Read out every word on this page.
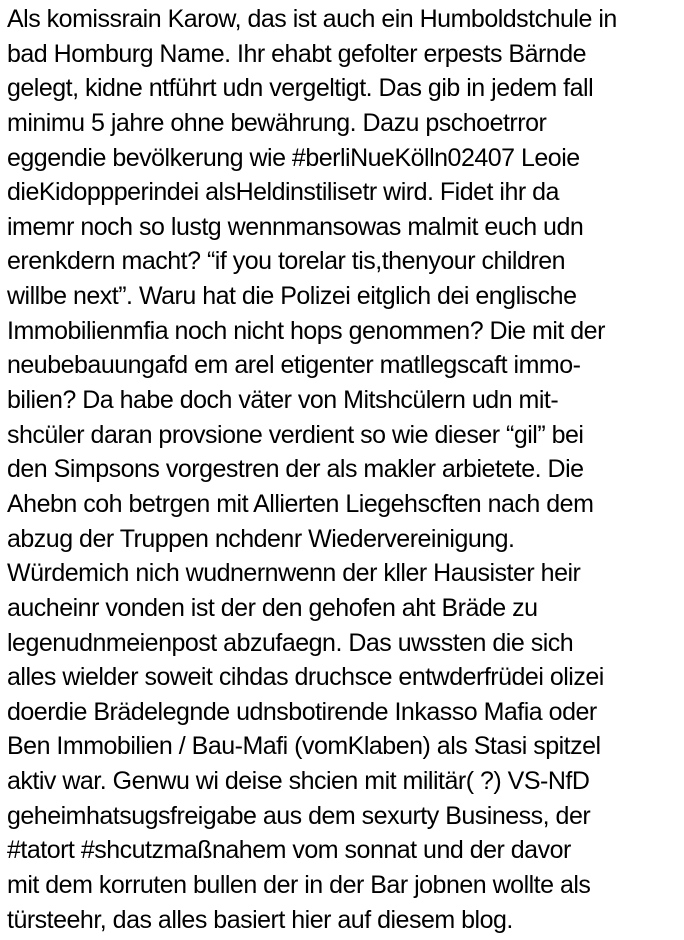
Als komissrain Karow, das ist auch ein Humboldstchule in
bad Homburg Name. Ihr ehabt gefolter erpests Bärnde
gelegt, kidne ntführt udn vergeltigt. Das gib in jedem fall
minimu 5 jahre ohne bewährung. Dazu pschoetrror
eggendie bevölkerung wie #berliNueKölln02407 Leoie
dieKidoppperindei alsHeldinstilisetr wird. Fidet ihr da
imemr noch so lustg wennmansowas malmit euch udn
erenkdern macht? “if you torelar tis,thenyour children
willbe next”. Waru hat die Polizei eitglich dei englische
Immobilienmfia noch nicht hops genommen? Die mit der
neubebauungafd em arel etigenter matllegscaft immo-
bilien? Da habe doch väter von Mitshcülern udn mit-
shcüler daran provsione verdient so wie dieser “gil” bei
den Simpsons vorgestren der als makler arbietete. Die
Ahebn coh betrgen mit Allierten Liegehscften nach dem
abzug der Truppen nchdenr Wiedervereinigung.
Würdemich nich wudnernwenn der kller Hausister heir
aucheinr vonden ist der den gehofen aht Bräde zu
legenudnmeienpost abzufaegn. Das uwssten die sich
alles wielder soweit cihdas druchsce entwderfrüdei olizei
doerdie Brädelegnde udnsbotirende Inkasso Mafia oder
Ben Immobilien / Bau-Mafi (vomKlaben) als Stasi spitzel
aktiv war. Genwu wi deise shcien mit militär( ?) VS-NfD
geheimhatsugsfreigabe aus dem sexurty Business, der
#tatort #shcutzmaßnahem vom sonnat und der davor
mit dem korruten bullen der in der Bar jobnen wollte als
türsteehr, das alles basiert hier auf diesem blog.
